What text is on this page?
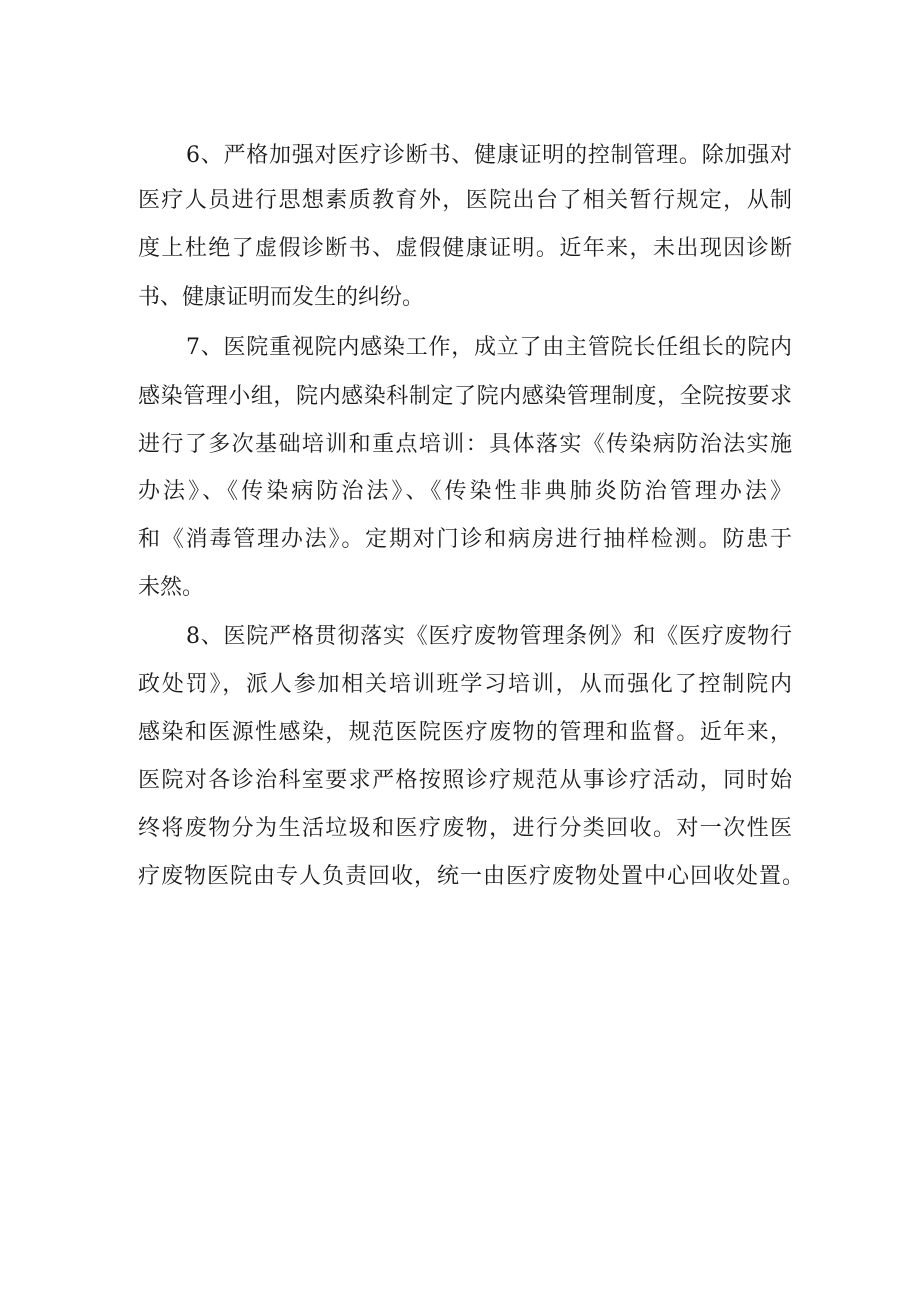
6、严格加强对医疗诊断书、健康证明的控制管理。除加强对

医疗人员进行思想素质教育外，医院出台了相关暂行规定，从制

度上杜绝了虚假诊断书、虚假健康证明。近年来，未出现因诊断

书、健康证明而发生的纠纷。

7、医院重视院内感染工作，成立了由主管院长任组长的院内

感染管理小组，院内感染科制定了院内感染管理制度，全院按要求

进行了多次基础培训和重点培训：具体落实《传染病防治法实施

办法》、《传染病防治法》、《传染性非典肺炎防治管理办法》

和《消毒管理办法》。定期对门诊和病房进行抽样检测。防患于

未然。

8、医院严格贯彻落实《医疗废物管理条例》和《医疗废物行

政处罚》，派人参加相关培训班学习培训，从而强化了控制院内

感染和医源性感染，规范医院医疗废物的管理和监督。近年来，

医院对各诊治科室要求严格按照诊疗规范从事诊疗活动，同时始

终将废物分为生活垃圾和医疗废物，进行分类回收。对一次性医

疗废物医院由专人负责回收，统一由医疗废物处置中心回收处置。
